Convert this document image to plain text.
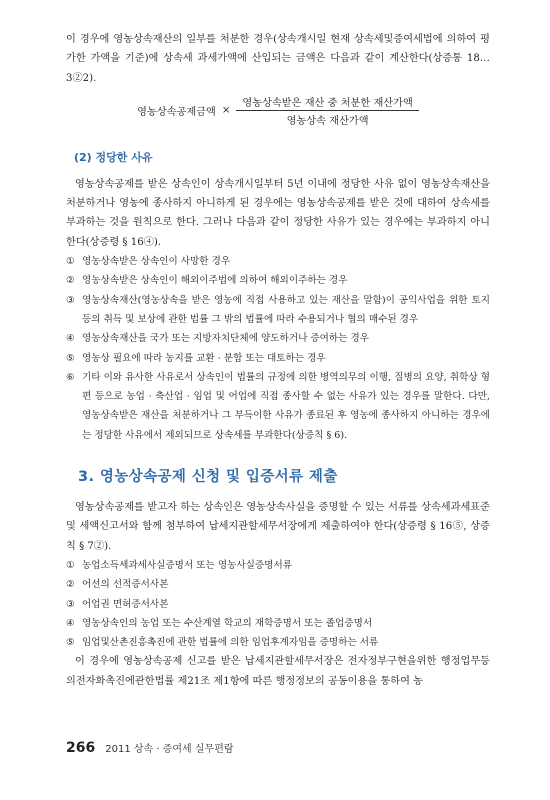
이 경우에 영농상속재산의 일부를 처분한 경우(상속개시일 현재 상속세및증여세법에 의하여 평가한 가액을 기준)에 상속세 과세가액에 산입되는 금액은 다음과 같이 계산한다(상증통 18…3②2).

영농상속공제금액 × $\frac{\text{영농상속받은 재산 중 처분한 재산가액}}{\text{영농상속 재산가액}}$
(2) 정당한 사유

영농상속공제를 받은 상속인이 상속개시일부터 5년 이내에 정당한 사유 없이 영농상속재산을 처분하거나 영농에 종사하지 아니하게 된 경우에는 영농상속공제를 받은 것에 대하여 상속세를 부과하는 것을 원칙으로 한다. 그러나 다음과 같이 정당한 사유가 있는 경우에는 부과하지 아니한다(상증령 § 16④).

① 영농상속받은 상속인이 사망한 경우
② 영농상속받은 상속인이 해외이주법에 의하여 해외이주하는 경우
③ 영농상속재산(영농상속을 받은 영농에 직접 사용하고 있는 재산을 말함)이 공익사업을 위한 토지 등의 취득 및 보상에 관한 법률 그 밖의 법률에 따라 수용되거나 협의 매수된 경우
④ 영농상속재산을 국가 또는 지방자치단체에 양도하거나 증여하는 경우
⑤ 영농상 필요에 따라 농지를 교환 · 분합 또는 대토하는 경우
⑥ 기타 이와 유사한 사유로서 상속인이 법률의 규정에 의한 병역의무의 이행, 질병의 요양, 취학상 형편 등으로 농업 · 축산업 · 임업 및 어업에 직접 종사할 수 없는 사유가 있는 경우를 말한다. 다만, 영농상속받은 재산을 처분하거나 그 부득이한 사유가 종료된 후 영농에 종사하지 아니하는 경우에는 정당한 사유에서 제외되므로 상속세를 부과한다(상증칙 § 6).
3. 영농상속공제 신청 및 입증서류 제출

영농상속공제를 받고자 하는 상속인은 영농상속사실을 증명할 수 있는 서류를 상속세과세표준 및 세액신고서와 함께 첨부하여 납세지관할세무서장에게 제출하여야 한다(상증령 § 16⑤, 상증칙 § 7②).

① 농업소득세과세사실증명서 또는 영농사실증명서류
② 어선의 선적증서사본
③ 어업권 면허증서사본
④ 영농상속인의 농업 또는 수산계열 학교의 재학증명서 또는 졸업증명서
⑤ 임업및산촌진흥촉진에 관한 법률에 의한 임업후계자임을 증명하는 서류

이 경우에 영농상속공제 신고를 받은 납세지관할세무서장은 전자정부구현을위한 행정업무등의전자화촉진에관한법률 제21조 제1항에 따른 행정정보의 공동이용을 통하여 농

266 2011 상속 · 증여세 실무편람
